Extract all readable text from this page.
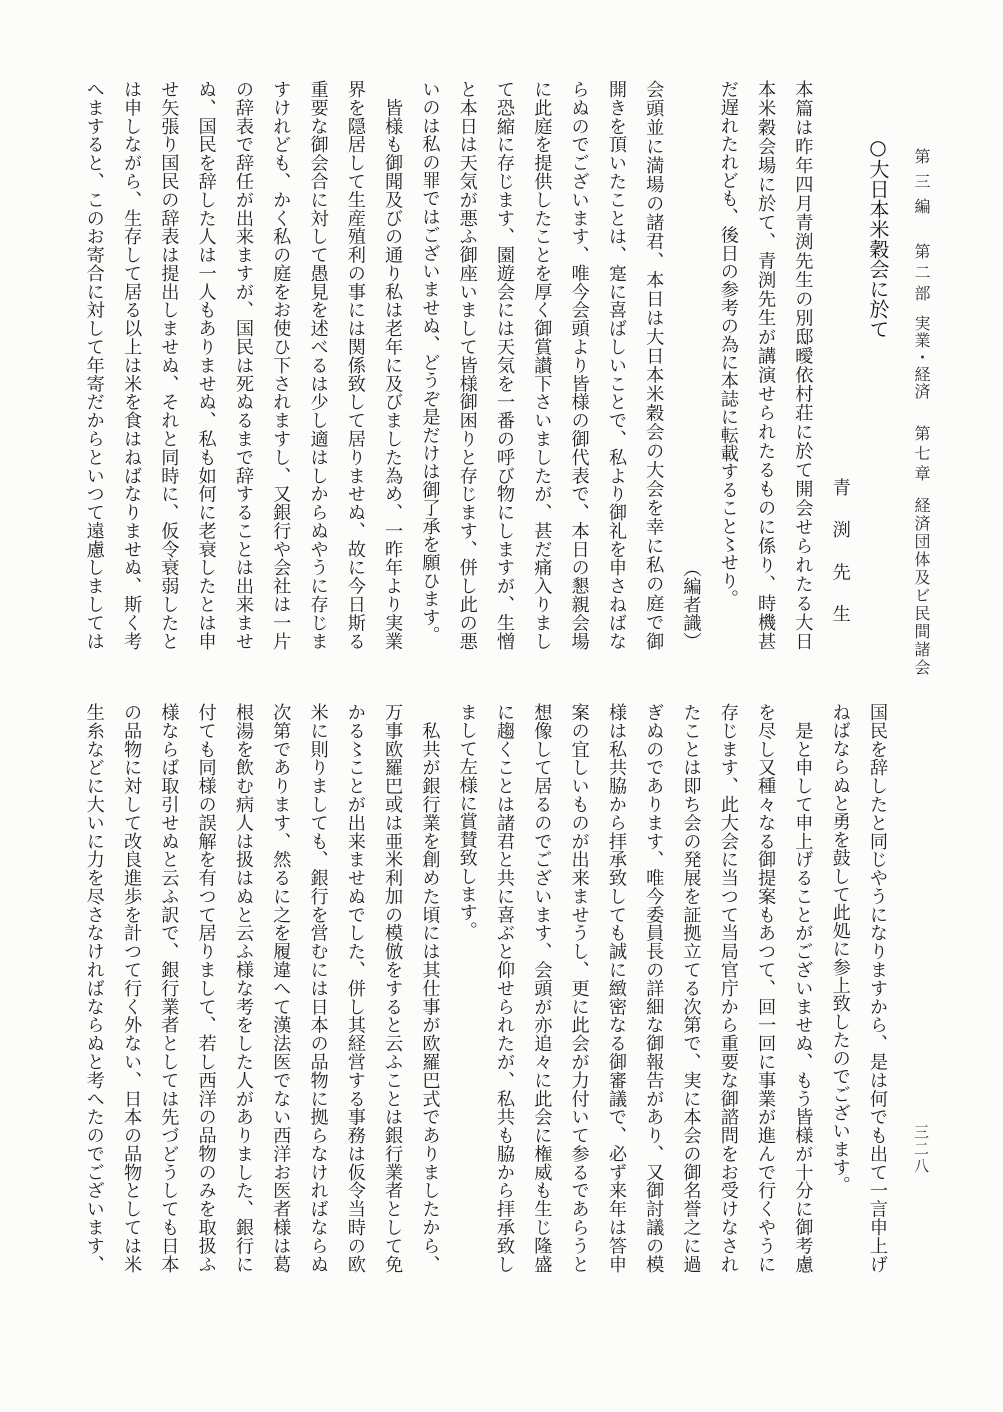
第三編
第二部
実業・経済
第七章
経済団体及ビ民間諸会
○大日本米穀会に於て
青渕先生
本篇は昨年四月青渕先生の別邸曖依村荘に於て開会せられたる大日
本米穀会場に於て、青渕先生が講演せられたるものに係り、時機甚
だ遅れたれども、後日の参考の為に本誌に転載すること〻せり。
（編者識）
会頭並に満場の諸君、本日は大日本米穀会の大会を幸に私の庭で御
開きを頂いたことは、寔に喜ばしいことで、私より御礼を申さねばな
らぬのでございます、唯今会頭より皆様の御代表で、本日の懇親会場
に此庭を提供したことを厚く御賞讃下さいましたが、甚だ痛入りまし
て恐縮に存じます、園遊会には天気を一番の呼び物にしますが、生憎
と本日は天気が悪ふ御座いまして皆様御困りと存じます、併し此の悪
いのは私の罪ではございませぬ、どうぞ是だけは御了承を願ひます。
　皆様も御聞及びの通り私は老年に及びました為め、一昨年より実業
界を隠居して生産殖利の事には関係致して居りませぬ、故に今日斯る
重要な御会合に対して愚見を述べるは少し適はしからぬやうに存じま
すけれども、かく私の庭をお使ひ下されますし、又銀行や会社は一片
の辞表で辞任が出来ますが、国民は死ぬるまで辞することは出来ませ
ぬ、国民を辞した人は一人もありませぬ、私も如何に老衰したとは申
せ矢張り国民の辞表は提出しませぬ、それと同時に、仮令衰弱したと
は申しながら、生存して居る以上は米を食はねばなりませぬ、斯く考
へますると、このお寄合に対して年寄だからといつて遠慮しましては
国民を辞したと同じやうになりますから、是は何でも出て一言申上げ
ねばならぬと勇を鼓して此処に参上致したのでございます。
　是と申して申上げることがございませぬ、もう皆様が十分に御考慮
を尽し又種々なる御提案もあつて、回一回に事業が進んで行くやうに
存じます、此大会に当つて当局官庁から重要な御諮問をお受けなされ
たことは即ち会の発展を証拠立てる次第で、実に本会の御名誉之に過
ぎぬのであります、唯今委員長の詳細な御報告があり、又御討議の模
様は私共脇から拝承致しても誠に緻密なる御審議で、必ず来年は答申
案の宜しいものが出来ませうし、更に此会が力付いて参るであらうと
想像して居るのでございます、会頭が亦追々に此会に権威も生じ隆盛
に趨くことは諸君と共に喜ぶと仰せられたが、私共も脇から拝承致し
まして左様に賞賛致します。
　私共が銀行業を創めた頃には其仕事が欧羅巴式でありましたから、
万事欧羅巴或は亜米利加の模倣をすると云ふことは銀行業者として免
かる〻ことが出来ませぬでした、併し其経営する事務は仮令当時の欧
米に則りましても、銀行を営むには日本の品物に拠らなければならぬ
次第であります、然るに之を履違へて漢法医でない西洋お医者様は葛
根湯を飲む病人は扱はぬと云ふ様な考をした人がありました、銀行に
付ても同様の誤解を有つて居りまして、若し西洋の品物のみを取扱ふ
様ならば取引せぬと云ふ訳で、銀行業者としては先づどうしても日本
の品物に対して改良進歩を計つて行く外ない、日本の品物としては米
生糸などに大いに力を尽さなければならぬと考へたのでございます、	三二八
